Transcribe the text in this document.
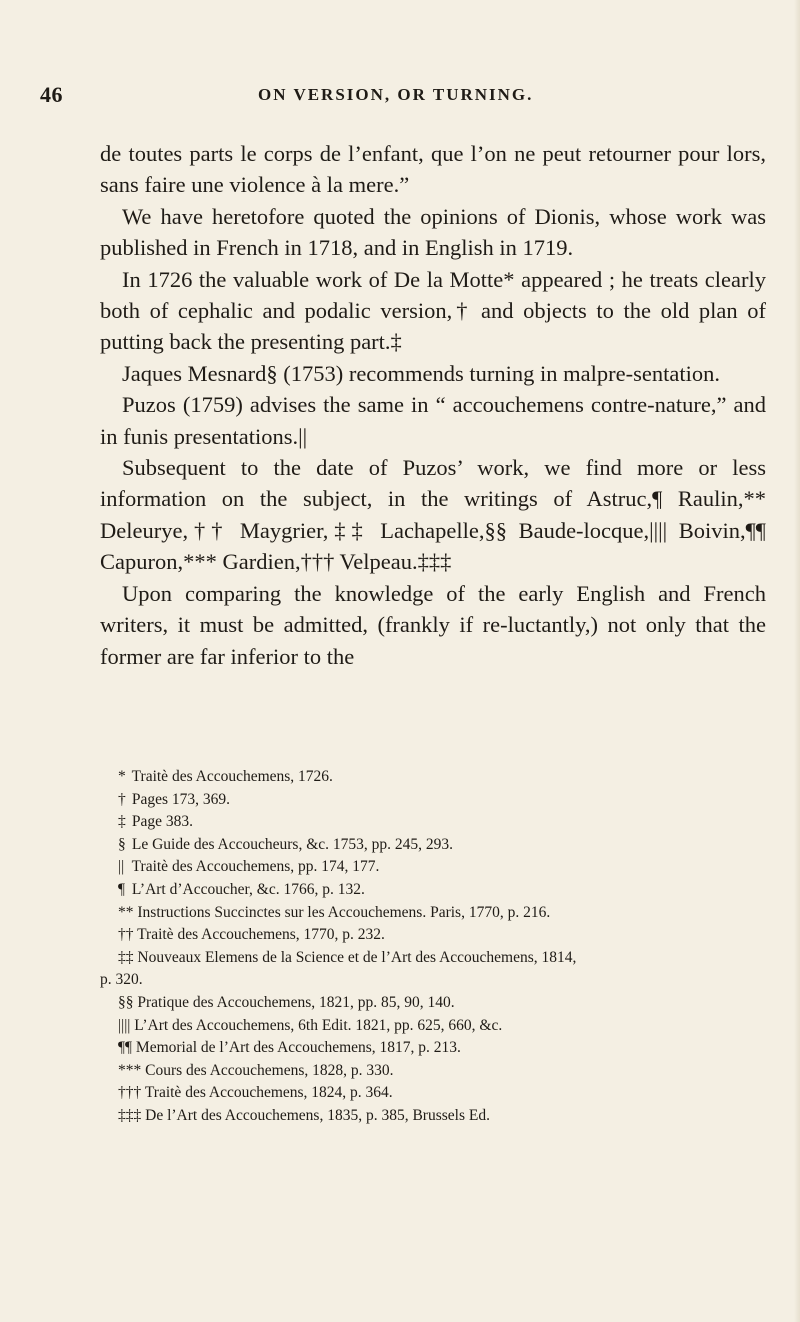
46	ON VERSION, OR TURNING.

de toutes parts le corps de l’enfant, que l’on ne peut retourner pour lors, sans faire une violence à la mere.”

We have heretofore quoted the opinions of Dionis, whose work was published in French in 1718, and in English in 1719.

In 1726 the valuable work of De la Motte* appeared ; he treats clearly both of cephalic and podalic version,† and objects to the old plan of putting back the presenting part.‡

Jaques Mesnard§ (1753) recommends turning in malpre-sentation.

Puzos (1759) advises the same in “ accouchemens contre-nature,” and in funis presentations.||

Subsequent to the date of Puzos’ work, we find more or less information on the subject, in the writings of Astruc,¶ Raulin,** Deleurye,†† Maygrier,‡‡ Lachapelle,§§ Baude-locque,|||| Boivin,¶¶ Capuron,*** Gardien,††† Velpeau.‡‡‡

Upon comparing the knowledge of the early English and French writers, it must be admitted, (frankly if re-luctantly,) not only that the former are far inferior to the

* Traitè des Accouchemens, 1726.

† Pages 173, 369.

‡ Page 383.

§ Le Guide des Accoucheurs, &c. 1753, pp. 245, 293.

|| Traitè des Accouchemens, pp. 174, 177.

¶ L’Art d’Accoucher, &c. 1766, p. 132.

** Instructions Succinctes sur les Accouchemens. Paris, 1770, p. 216.

†† Traitè des Accouchemens, 1770, p. 232.

‡‡ Nouveaux Elemens de la Science et de l’Art des Accouchemens, 1814,

p. 320.

§§ Pratique des Accouchemens, 1821, pp. 85, 90, 140.

|||| L’Art des Accouchemens, 6th Edit. 1821, pp. 625, 660, &c.

¶¶ Memorial de l’Art des Accouchemens, 1817, p. 213.

*** Cours des Accouchemens, 1828, p. 330.

††† Traitè des Accouchemens, 1824, p. 364.

‡‡‡ De l’Art des Accouchemens, 1835, p. 385, Brussels Ed.
